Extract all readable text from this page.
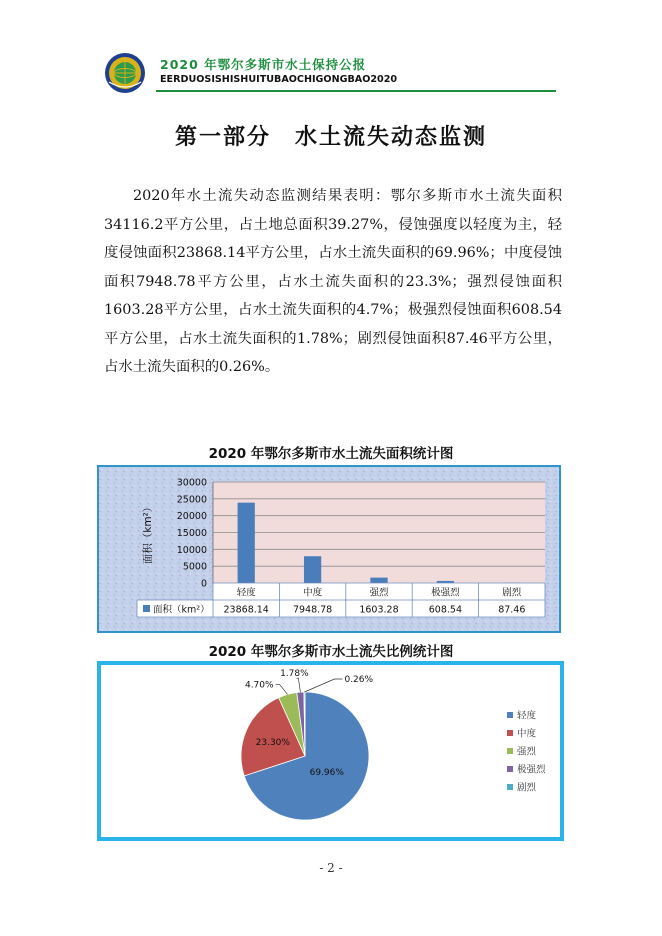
2020 年鄂尔多斯市水土保持公报
EERDUOSISHISHUITUBAOCHIGONGBAO2020
第一部分　水土流失动态监测

2020年水土流失动态监测结果表明：鄂尔多斯市水土流失面积34116.2平方公里，占土地总面积39.27%，侵蚀强度以轻度为主，轻度侵蚀面积23868.14平方公里，占水土流失面积的69.96%；中度侵蚀面积7948.78平方公里，占水土流失面积的23.3%；强烈侵蚀面积1603.28平方公里，占水土流失面积的4.7%；极强烈侵蚀面积608.54平方公里，占水土流失面积的1.78%；剧烈侵蚀面积87.46平方公里，占水土流失面积的0.26%。

2020 年鄂尔多斯市水土流失面积统计图
0
5000
10000
15000
20000
25000
30000
轻度
23868.14
中度
7948.78
强烈
1603.28
极强烈
608.54
剧烈
87.46
面积（km²）
面积（km²）
2020 年鄂尔多斯市水土流失比例统计图
69.96%
23.30%
4.70%
1.78%
0.26%
轻度
中度
强烈
极强烈
剧烈
- 2 -
